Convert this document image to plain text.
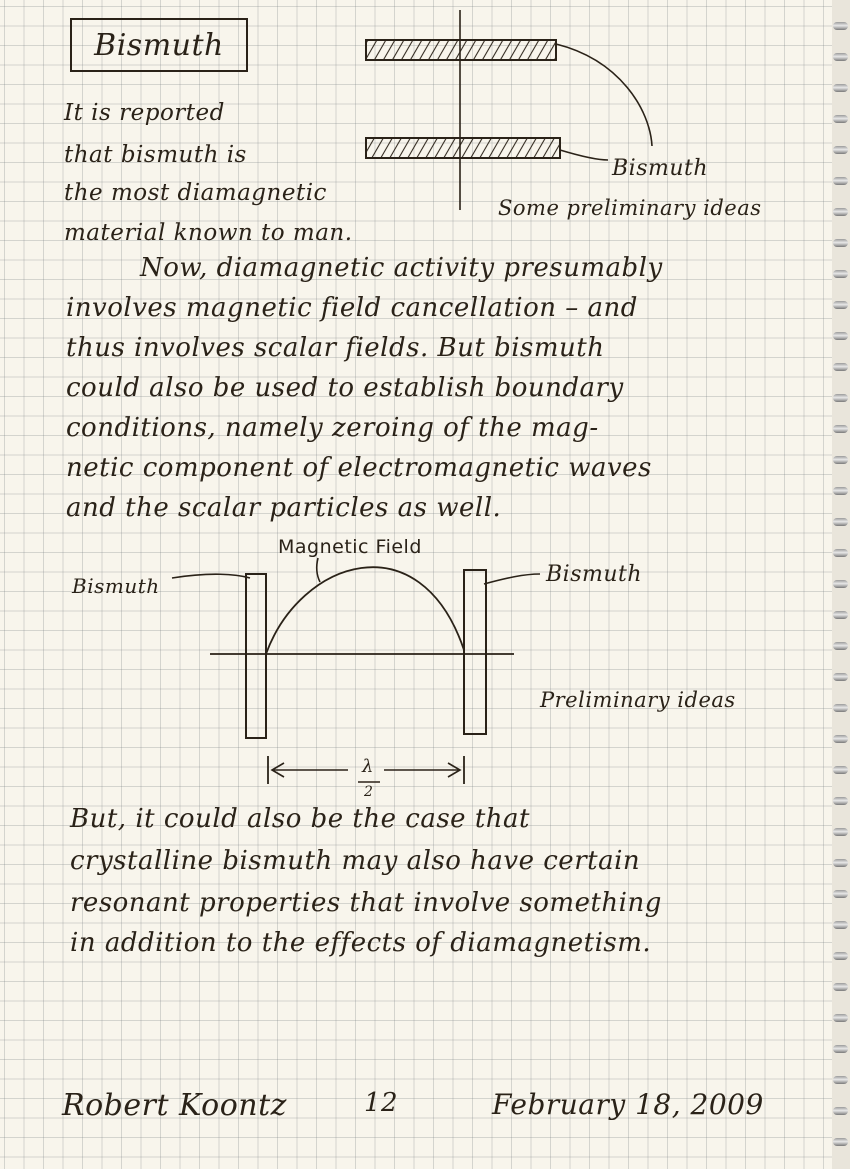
Bismuth

It is reported

that bismuth is

the most diamagnetic

material known to man.

Bismuth

Some preliminary ideas

Now, diamagnetic activity presumably

involves magnetic field cancellation – and

thus involves scalar fields. But bismuth

could also be used to establish boundary

conditions, namely zeroing of the mag-

netic component of electromagnetic waves

and the scalar particles as well.

Magnetic Field

Bismuth	Bismuth

Preliminary ideas

λ

2

But, it could also be the case that

crystalline bismuth may also have certain

resonant properties that involve something

in addition to the effects of diamagnetism.

Robert Koontz	12	February 18, 2009
